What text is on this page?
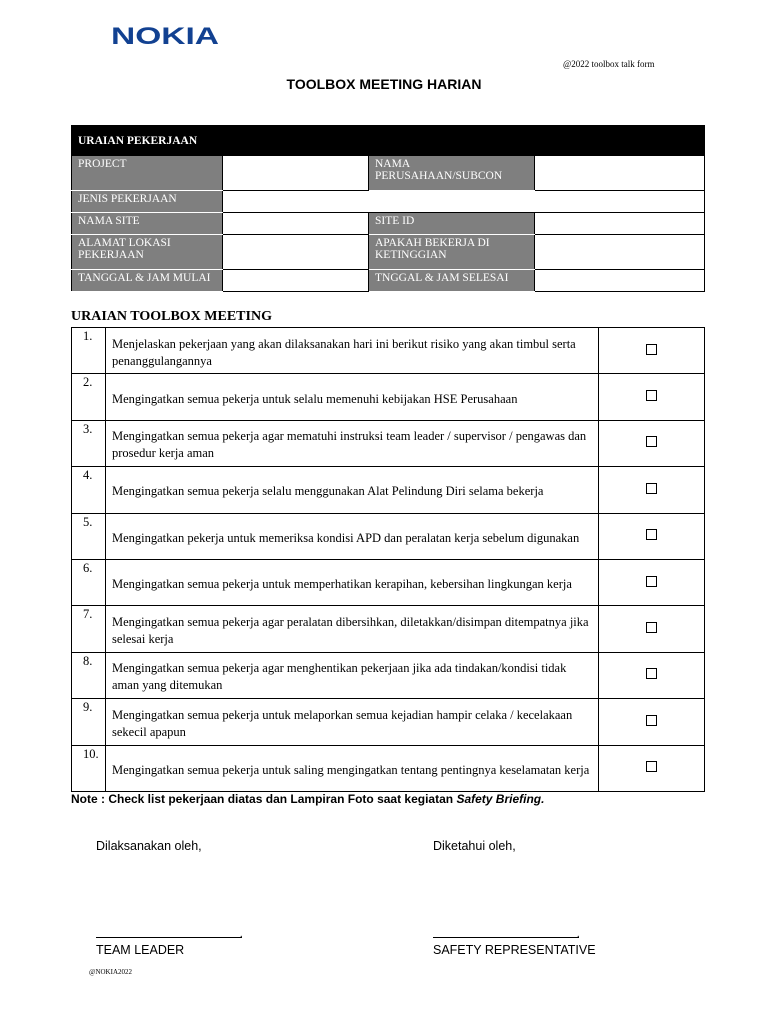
NOKIA
@2022 toolbox talk form
TOOLBOX MEETING HARIAN
URAIAN PEKERJAAN			
PROJECT		NAMA PERUSAHAAN/SUBCON	
JENIS PEKERJAAN			
NAMA SITE		SITE ID	
ALAMAT LOKASI PEKERJAAN		APAKAH BEKERJA DI KETINGGIAN	
TANGGAL & JAM MULAI		TNGGAL & JAM SELESAI	
URAIAN TOOLBOX MEETING
1.	Menjelaskan pekerjaan yang akan dilaksanakan hari ini berikut risiko yang akan timbul serta penanggulangannya	
2.	Mengingatkan semua pekerja untuk selalu memenuhi kebijakan HSE Perusahaan	
3.	Mengingatkan semua pekerja agar mematuhi instruksi team leader / supervisor / pengawas dan prosedur kerja aman	
4.	Mengingatkan semua pekerja selalu menggunakan Alat Pelindung Diri selama bekerja	
5.	Mengingatkan pekerja untuk memeriksa kondisi APD dan peralatan kerja sebelum digunakan	
6.	Mengingatkan semua pekerja untuk memperhatikan kerapihan, kebersihan lingkungan kerja	
7.	Mengingatkan semua pekerja agar peralatan dibersihkan, diletakkan/disimpan ditempatnya jika selesai kerja	
8.	Mengingatkan semua pekerja agar menghentikan pekerjaan jika ada tindakan/kondisi tidak aman yang ditemukan	
9.	Mengingatkan semua pekerja untuk melaporkan semua kejadian hampir celaka / kecelakaan sekecil apapun	
10.	Mengingatkan semua pekerja untuk saling mengingatkan tentang pentingnya keselamatan kerja	
Note : Check list pekerjaan diatas dan Lampiran Foto saat kegiatan Safety Briefing.
Dilaksanakan oleh,	Diketahui oleh,
.	.
TEAM LEADER	SAFETY REPRESENTATIVE
@NOKIA2022
